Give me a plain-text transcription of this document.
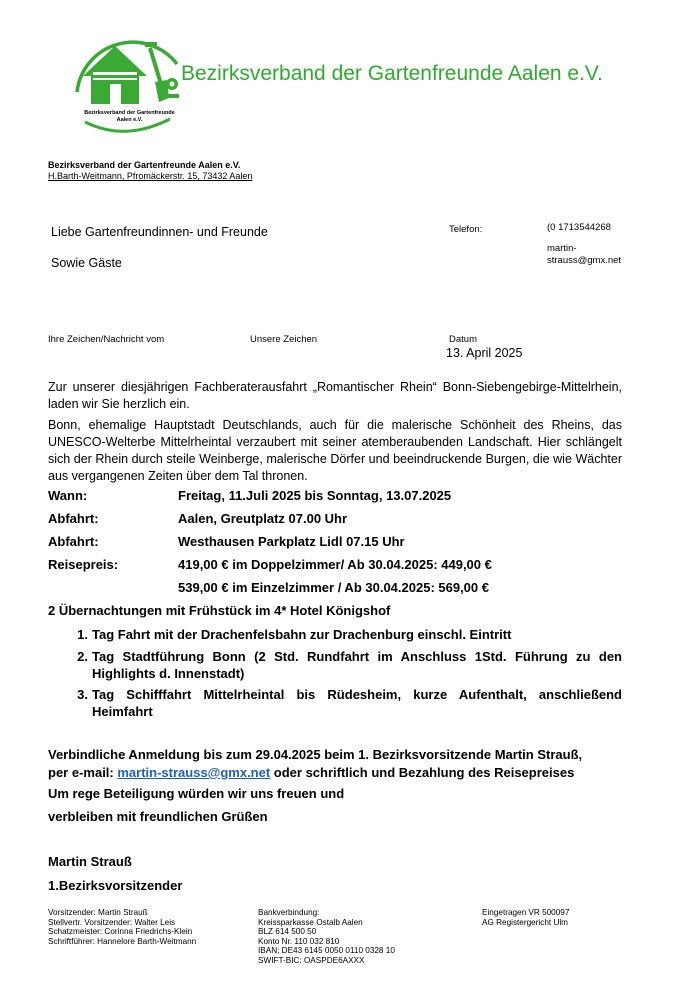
Bezirksverband der Gartenfreunde
Aalen e.V.
Bezirksverband der Gartenfreunde Aalen e.V.
Bezirksverband der Gartenfreunde Aalen e.V.
H.Barth-Weitmann, Pfromäckerstr. 15, 73432 Aalen
Liebe Gartenfreundinnen- und Freunde
Sowie Gäste
Telefon:	(0 1713544268
martin-
strauss@gmx.net
Ihre Zeichen/Nachricht vom	Unsere Zeichen	Datum
13. April 2025
Zur unserer diesjährigen Fachberaterausfahrt „Romantischer Rhein“ Bonn-Siebengebirge-Mittelrhein, laden wir Sie herzlich ein.
Bonn, ehemalige Hauptstadt Deutschlands, auch für die malerische Schönheit des Rheins, das UNESCO-Welterbe Mittelrheintal verzaubert mit seiner atemberaubenden Landschaft. Hier schlängelt sich der Rhein durch steile Weinberge, malerische Dörfer und beeindruckende Burgen, die wie Wächter aus vergangenen Zeiten über dem Tal thronen.
Wann:	Freitag, 11.Juli 2025 bis Sonntag, 13.07.2025
Abfahrt:	Aalen, Greutplatz 07.00 Uhr
Abfahrt:	Westhausen Parkplatz Lidl 07.15 Uhr
Reisepreis:	419,00 € im Doppelzimmer/ Ab 30.04.2025: 449,00 €
539,00 € im Einzelzimmer / Ab 30.04.2025: 569,00 €
2 Übernachtungen mit Frühstück im 4* Hotel Königshof
1. Tag Fahrt mit der Drachenfelsbahn zur Drachenburg einschl. Eintritt
2. Tag Stadtführung Bonn (2 Std. Rundfahrt im Anschluss 1Std. Führung zu den Highlights d. Innenstadt)
3. Tag Schifffahrt Mittelrheintal bis Rüdesheim, kurze Aufenthalt, anschließend Heimfahrt
Verbindliche Anmeldung bis zum 29.04.2025 beim 1. Bezirksvorsitzende Martin Strauß,
per e-mail: martin-strauss@gmx.net oder schriftlich und Bezahlung des Reisepreises
Um rege Beteiligung würden wir uns freuen und
verbleiben mit freundlichen Grüßen
Martin Strauß
1.Bezirksvorsitzender
Vorsitzender: Martin Strauß
Stellvertr. Vorsitzender: Walter Leis
Schatzmeister: Corinna Friedrichs-Klein
Schriftführer: Hannelore Barth-Weitmann
Bankverbindung:
Kreissparkasse Ostalb Aalen
BLZ 614 500 50
Konto Nr. 110 032 810
IBAN; DE43 6145 0050 0110 0328 10
SWIFT-BIC: OASPDE6AXXX
Eingetragen VR 500097
AG Registergericht Ulm
